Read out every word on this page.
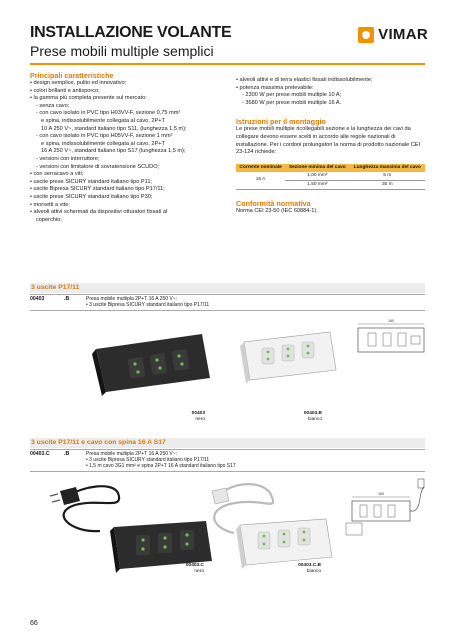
INSTALLAZIONE VOLANTE
Prese mobili multiple semplici
VIMAR
Principali caratteristiche
• design semplice, pulito ed innovativo;
• colori brillanti e antisporco;
• la gamma più completa presente sul mercato:
- senza cavo;
- con cavo isolato in PVC tipo H03VV-F, sezione 0,75 mm²
e spina, indissolubilmente collegata al cavo, 2P+T
10 A 250 V~, standard italiano tipo S11, (lunghezza 1,5 m);
- con cavo isolato in PVC tipo H05VV-F, sezione 1 mm²
e spina, indissolubilmente collegata al cavo, 2P+T
16 A 250 V~, standard italiano tipo S17 (lunghezza 1,5 m);
- versioni con interruttore;
- versioni con limitatore di sovratensione SCUDO;
• con serracavo a viti;
• uscite prese SICURY standard italiano tipo P11;
• uscite Bipresa SICURY standard italiano tipo P17/11;
• uscite prese SICURY standard italiano tipo P30;
• morsetti a vite;
• alveoli attivi schermati da dispositivi otturatori fissati al
coperchio;
• alveoli attivi e di terra elastici fissati indissolubilmente;
• potenza massima prelevabile:
- 2300 W per prese mobili multiple 10 A;
- 3680 W per prese mobili multiple 16 A.
Istruzioni per il montaggio
Le prese mobili multiple ricollegabili sezione e la lunghezza dei cavi da collegare devono essere scelti in accordo alle regole nazionali di installazione. Per i cordoni prolungatori la norma di prodotto nazionale CEI 23-124 richiede:
Corrente nominale	Sezione minima del cavo	Lunghezza massima del cavo
16 A	1,00 mm²	5 m
	1,50 mm²	30 m
Conformità normativa
Norma CEI 23-50 (IEC 60884-1).
3 uscite P17/11
00403	.B	Presa mobile multipla 2P+T 16 A 250 V~:
• 3 uscite Bipresa SICURY standard italiano tipo P17/11
160
00403
nero
00403.B
bianco
3 uscite P17/11 e cavo con spina 16 A S17
00403.C	.B	Presa mobile multipla 2P+T 16 A 250 V~:
• 3 uscite Bipresa SICURY standard italiano tipo P17/11
• 1,5 m cavo 3G1 mm² e spina 2P+T 16 A standard italiano tipo S17
160
00403.C
nero
00403.C.B
bianco
66
